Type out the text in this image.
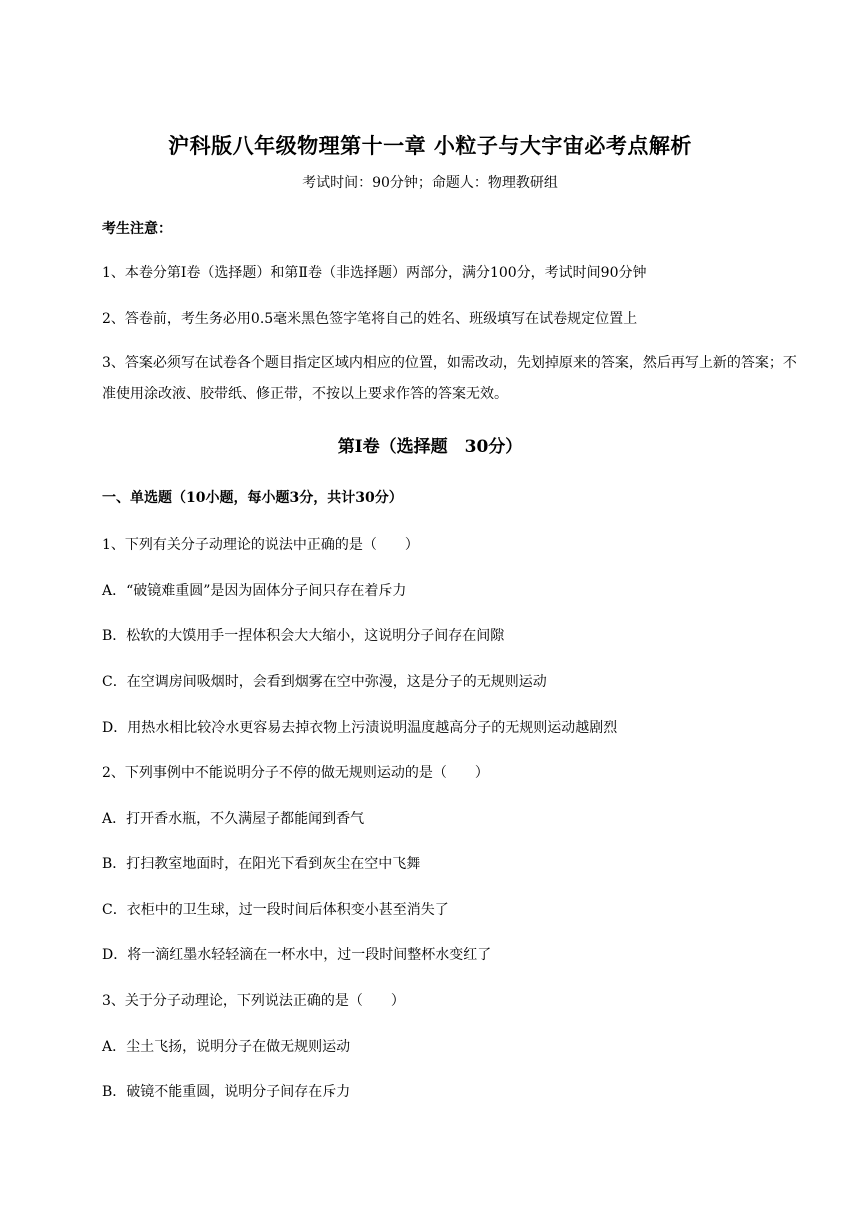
沪科版八年级物理第十一章 小粒子与大宇宙必考点解析
考试时间：90分钟；命题人：物理教研组
考生注意：
1、本卷分第Ⅰ卷（选择题）和第Ⅱ卷（非选择题）两部分，满分100分，考试时间90分钟
2、答卷前，考生务必用0.5毫米黑色签字笔将自己的姓名、班级填写在试卷规定位置上
3、答案必须写在试卷各个题目指定区域内相应的位置，如需改动，先划掉原来的答案，然后再写上新的答案；不准使用涂改液、胶带纸、修正带，不按以上要求作答的答案无效。
第Ⅰ卷（选择题　30分）
一、单选题（10小题，每小题3分，共计30分）
1、下列有关分子动理论的说法中正确的是（　　）
A．“破镜难重圆”是因为固体分子间只存在着斥力
B．松软的大馍用手一捏体积会大大缩小，这说明分子间存在间隙
C．在空调房间吸烟时，会看到烟雾在空中弥漫，这是分子的无规则运动
D．用热水相比较冷水更容易去掉衣物上污渍说明温度越高分子的无规则运动越剧烈
2、下列事例中不能说明分子不停的做无规则运动的是（　　）
A．打开香水瓶，不久满屋子都能闻到香气
B．打扫教室地面时，在阳光下看到灰尘在空中飞舞
C．衣柜中的卫生球，过一段时间后体积变小甚至消失了
D．将一滴红墨水轻轻滴在一杯水中，过一段时间整杯水变红了
3、关于分子动理论，下列说法正确的是（　　）
A．尘土飞扬，说明分子在做无规则运动
B．破镜不能重圆，说明分子间存在斥力
